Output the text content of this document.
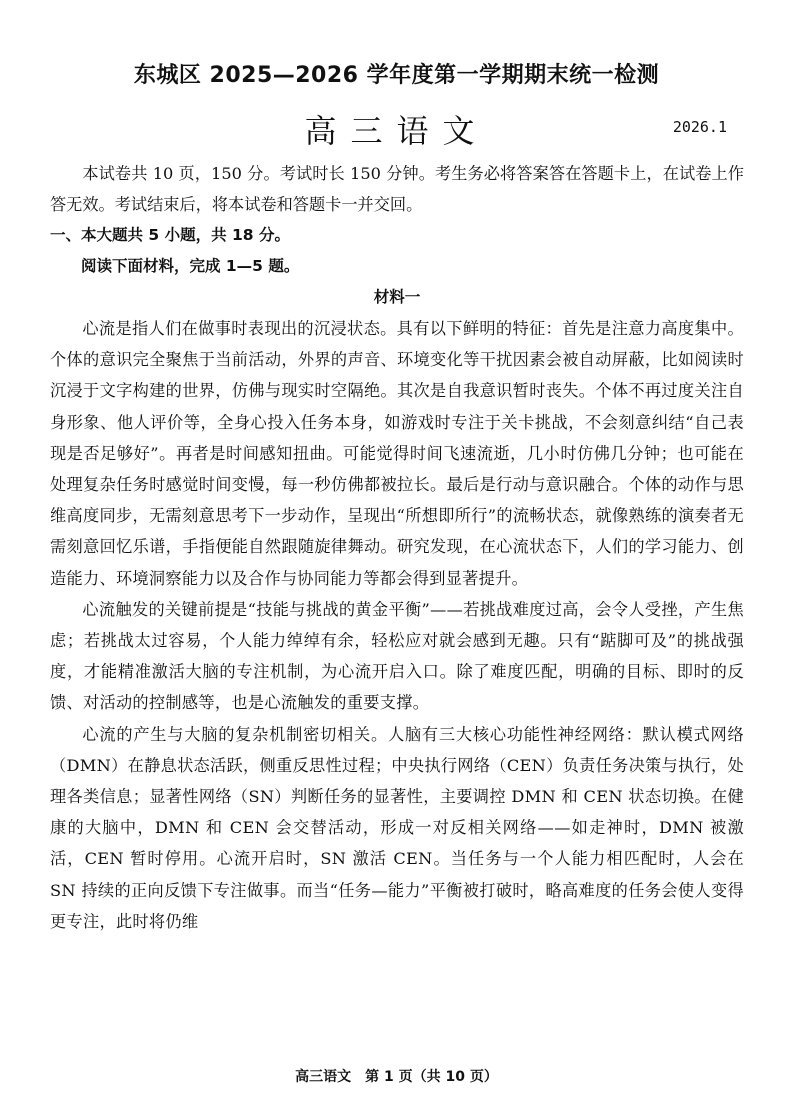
东城区 2025—2026 学年度第一学期期末统一检测
高三语文	2026.1

本试卷共 10 页，150 分。考试时长 150 分钟。考生务必将答案答在答题卡上，在试卷上作答无效。考试结束后，将本试卷和答题卡一并交回。

一、本大题共 5 小题，共 18 分。

阅读下面材料，完成 1—5 题。

材料一

心流是指人们在做事时表现出的沉浸状态。具有以下鲜明的特征：首先是注意力高度集中。个体的意识完全聚焦于当前活动，外界的声音、环境变化等干扰因素会被自动屏蔽，比如阅读时沉浸于文字构建的世界，仿佛与现实时空隔绝。其次是自我意识暂时丧失。个体不再过度关注自身形象、他人评价等，全身心投入任务本身，如游戏时专注于关卡挑战，不会刻意纠结“自己表现是否足够好”。再者是时间感知扭曲。可能觉得时间飞速流逝，几小时仿佛几分钟；也可能在处理复杂任务时感觉时间变慢，每一秒仿佛都被拉长。最后是行动与意识融合。个体的动作与思维高度同步，无需刻意思考下一步动作，呈现出“所想即所行”的流畅状态，就像熟练的演奏者无需刻意回忆乐谱，手指便能自然跟随旋律舞动。研究发现，在心流状态下，人们的学习能力、创造能力、环境洞察能力以及合作与协同能力等都会得到显著提升。

心流触发的关键前提是“技能与挑战的黄金平衡”——若挑战难度过高，会令人受挫，产生焦虑；若挑战太过容易，个人能力绰绰有余，轻松应对就会感到无趣。只有“踮脚可及”的挑战强度，才能精准激活大脑的专注机制，为心流开启入口。除了难度匹配，明确的目标、即时的反馈、对活动的控制感等，也是心流触发的重要支撑。

心流的产生与大脑的复杂机制密切相关。人脑有三大核心功能性神经网络：默认模式网络（DMN）在静息状态活跃，侧重反思性过程；中央执行网络（CEN）负责任务决策与执行，处理各类信息；显著性网络（SN）判断任务的显著性，主要调控 DMN 和 CEN 状态切换。在健康的大脑中，DMN 和 CEN 会交替活动，形成一对反相关网络——如走神时，DMN 被激活，CEN 暂时停用。心流开启时，SN 激活 CEN。当任务与一个人能力相匹配时，人会在 SN 持续的正向反馈下专注做事。而当“任务—能力”平衡被打破时，略高难度的任务会使人变得更专注，此时将仍维

高三语文　第 1 页（共 10 页）
